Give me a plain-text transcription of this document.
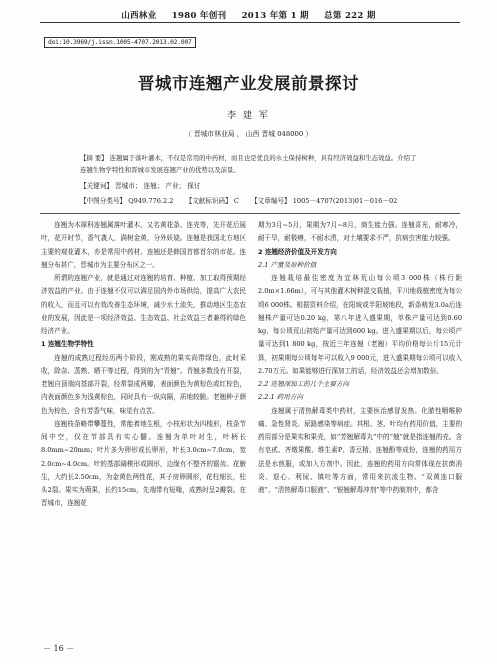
山西林业 1980 年创刊 2013 年第 1 期 总第 222 期
doi:10.3969/j.issn.1005-4707.2013.02.007
晋城市连翘产业发展前景探讨
李 建 军
（ 晋城市林业局 ， 山西 晋城 048000 ）
【摘 要】 连翘属于落叶灌木，不仅是常用的中药材，而且也是优良的水土保持树种，具有经济效益和生态效益。介绍了连翘生物学特性和晋城市发展连翘产业的优势以及前景。
【关键词】 晋城市； 连翘； 产业； 探讨
【中图分类号】 Q949.776.2.2 【文献标识码】 C 【文章编号】 1005－4707(2013)01－016－02

连翘为木犀科连翘属落叶灌木，又名黄花条、连壳等，先开花后展叶，花开时节，香气袭人，满树金黄，分外妖娆。连翘是我国北方地区主要的观花灌木，亦是常用中药材。连翘还是韩国首都首尔的市花。连翘分布甚广，晋城市为主要分布区之一。

所谓的连翘产业，就是通过对连翘的培育、种植、加工取得预期经济效益的产业。由于连翘不仅可以满足国内外市场供给，提高广大农民的收入，而且可以有效改善生态环境，减少水土流失，推动地区生态农业的发展，因此是一项经济效益、生态效益、社会效益三者兼得的绿色经济产业。

1 连翘生物学特性

连翘的成熟过程经历两个阶段，刚成熟的果实尚带绿色，此时采收，除杂、蒸熟、晒干等过程，得到的为“青翘”。青翘多数没有开裂，老翘自顶端向基部开裂，经常裂成两瓣，表面颜色为黄棕色或红棕色，内表面颜色多为浅黄棕色，同时具有一纵向隔，质地较脆。老翘种子颜色为棕色，含有芳香气味，味觉有点苦。

连翘枝条略带攀蔓性，常能着地生根，小枝形状为四棱形，枝条节间中空，仅在节部具有实心髓。连翘为单叶对生，叶柄长8.0mm~20mm；叶片多为卵形或长卵形，叶长3.0cm~7.0cm，宽2.0cm~4.0cm。叶的基部阔楔形或圆形，边缘有不整齐的锯齿。花腋生，大约长2.50cm，为金黄色两性花，其子房卵圆形，花柱细长，柱头2裂。果实为蒴果，长约15cm，先端带有短喙，成熟时呈2瓣裂。在晋城市，连翘花

期为3月~5月，果期为7月~8月，商生能力强。连翘喜光，耐寒冷，耐干旱，耐极瘠，不耐水涝，对土壤要求不严，抗病虫害能力较强。

2 连翘经济价值及开发方向

2.1 产量及原种价值

连翘栽培最佳密度为宜林荒山每公顷3 000株（株行距2.0m×1.66m），可与其他灌木树种混交栽植，平川地栽植密度为每公顷6 000株。根据资料介绍，在阳坡或半阳坡地段，新条萌发3.0a后连翘株产量可达0.20 kg，第八年进入盛果期，单株产量可达到0.60 kg，每公顷荒山初始产量可达到600 kg。进入盛果期以后，每公顷产量可达到1 800 kg，按近三年连翘（老翘）平均价格每公斤15元计算，初果期每公顷每年可以收入9 000元，进入盛果期每公顷可以收入2.70万元。如果能够进行深加工的话，经济效益还会增加数倍。

2.2 连翘深加工的几个主要方向

2.2.1 药用方向

连翘属于清热解毒类中药材，主要医治感冒发热、化脓性咽喉肿痛、急性肾炎、尿路感染等病症。其根、茎、叶均有药用价值，主要的药用部分是果实和果壳，如“芳翘解毒丸”中的“翘”就是指连翘的壳。含有皂甙、齐墩果酸、维生素P、香豆精、连翘酚等成份，连翘的药用方法是水煎服，或加入方剂中。因此，连翘的药用方向常体现在抗菌消炎、退心、利尿、镇吐等方面，常用来抗流生物。“双黄连口服液”、“清热解毒口服液”、“银翘解毒冲剂”等中药制剂中，都含

－ 16 －
